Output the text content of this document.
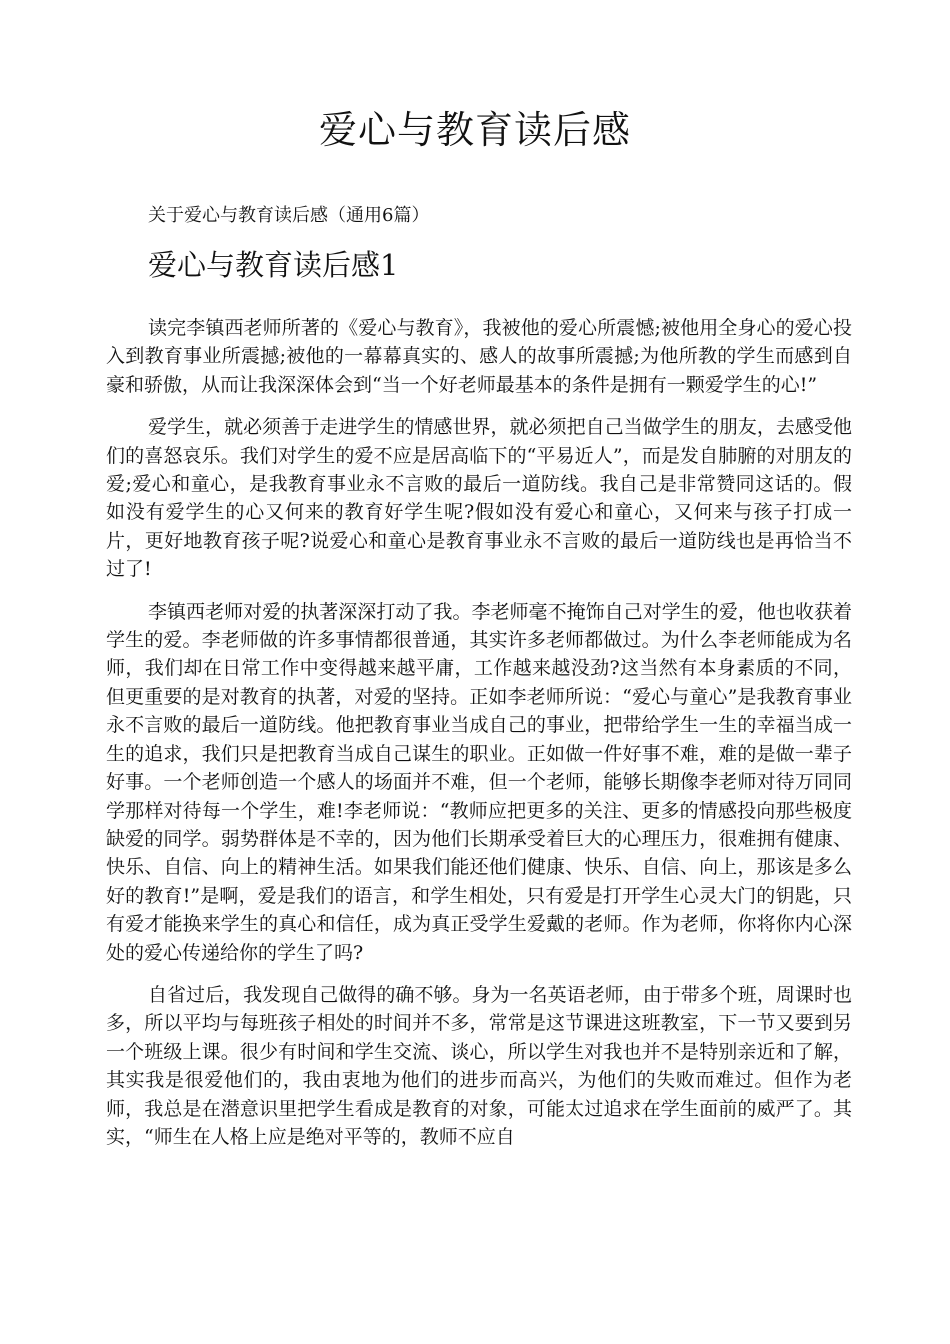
爱心与教育读后感

关于爱心与教育读后感（通用6篇）

爱心与教育读后感1

读完李镇西老师所著的《爱心与教育》，我被他的爱心所震憾;被他用全身心的爱心投入到教育事业所震撼;被他的一幕幕真实的、感人的故事所震撼;为他所教的学生而感到自豪和骄傲，从而让我深深体会到“当一个好老师最基本的条件是拥有一颗爱学生的心!”

爱学生，就必须善于走进学生的情感世界，就必须把自己当做学生的朋友，去感受他们的喜怒哀乐。我们对学生的爱不应是居高临下的“平易近人”，而是发自肺腑的对朋友的爱;爱心和童心，是我教育事业永不言败的最后一道防线。我自己是非常赞同这话的。假如没有爱学生的心又何来的教育好学生呢?假如没有爱心和童心，又何来与孩子打成一片，更好地教育孩子呢?说爱心和童心是教育事业永不言败的最后一道防线也是再恰当不过了!

李镇西老师对爱的执著深深打动了我。李老师毫不掩饰自己对学生的爱，他也收获着学生的爱。李老师做的许多事情都很普通，其实许多老师都做过。为什么李老师能成为名师，我们却在日常工作中变得越来越平庸，工作越来越没劲?这当然有本身素质的不同，但更重要的是对教育的执著，对爱的坚持。正如李老师所说：“爱心与童心”是我教育事业永不言败的最后一道防线。他把教育事业当成自己的事业，把带给学生一生的幸福当成一生的追求，我们只是把教育当成自己谋生的职业。正如做一件好事不难，难的是做一辈子好事。一个老师创造一个感人的场面并不难，但一个老师，能够长期像李老师对待万同同学那样对待每一个学生，难!李老师说：“教师应把更多的关注、更多的情感投向那些极度缺爱的同学。弱势群体是不幸的，因为他们长期承受着巨大的心理压力，很难拥有健康、快乐、自信、向上的精神生活。如果我们能还他们健康、快乐、自信、向上，那该是多么好的教育!”是啊，爱是我们的语言，和学生相处，只有爱是打开学生心灵大门的钥匙，只有爱才能换来学生的真心和信任，成为真正受学生爱戴的老师。作为老师，你将你内心深处的爱心传递给你的学生了吗?

自省过后，我发现自己做得的确不够。身为一名英语老师，由于带多个班，周课时也多，所以平均与每班孩子相处的时间并不多，常常是这节课进这班教室，下一节又要到另一个班级上课。很少有时间和学生交流、谈心，所以学生对我也并不是特别亲近和了解，其实我是很爱他们的，我由衷地为他们的进步而高兴，为他们的失败而难过。但作为老师，我总是在潜意识里把学生看成是教育的对象，可能太过追求在学生面前的威严了。其实，“师生在人格上应是绝对平等的，教师不应自
